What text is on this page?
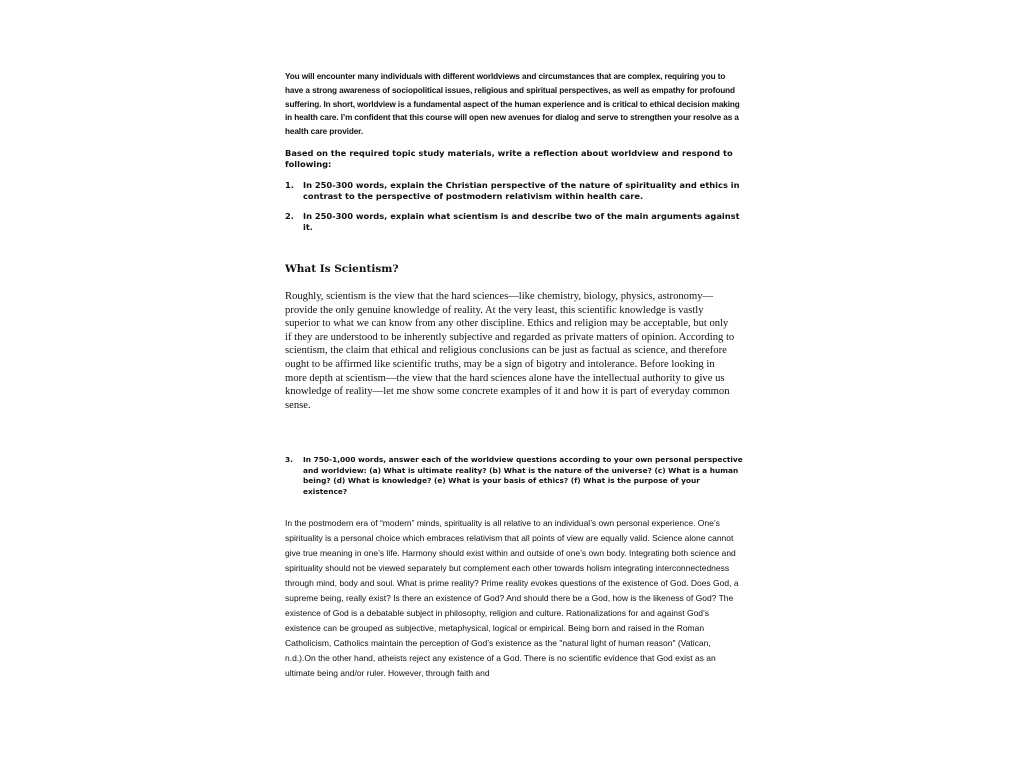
You will encounter many individuals with different worldviews and circumstances that are complex, requiring you to have a strong awareness of sociopolitical issues, religious and spiritual perspectives, as well as empathy for profound suffering. In short, worldview is a fundamental aspect of the human experience and is critical to ethical decision making in health care. I’m confident that this course will open new avenues for dialog and serve to strengthen your resolve as a health care provider.

Based on the required topic study materials, write a reflection about worldview and respond to following:

1. In 250-300 words, explain the Christian perspective of the nature of spirituality and ethics in contrast to the perspective of postmodern relativism within health care.
2. In 250-300 words, explain what scientism is and describe two of the main arguments against it.
What Is Scientism?

Roughly, scientism is the view that the hard sciences—like chemistry, biology, physics, astronomy—provide the only genuine knowledge of reality. At the very least, this scientific knowledge is vastly superior to what we can know from any other discipline. Ethics and religion may be acceptable, but only if they are understood to be inherently subjective and regarded as private matters of opinion. According to scientism, the claim that ethical and religious conclusions can be just as factual as science, and therefore ought to be affirmed like scientific truths, may be a sign of bigotry and intolerance. Before looking in more depth at scientism—the view that the hard sciences alone have the intellectual authority to give us knowledge of reality—let me show some concrete examples of it and how it is part of everyday common sense.

3. In 750-1,000 words, answer each of the worldview questions according to your own personal perspective and worldview: (a) What is ultimate reality? (b) What is the nature of the universe? (c) What is a human being? (d) What is knowledge? (e) What is your basis of ethics? (f) What is the purpose of your existence?

In the postmodern era of “modern” minds, spirituality is all relative to an individual’s own personal experience. One’s spirituality is a personal choice which embraces relativism that all points of view are equally valid. Science alone cannot give true meaning in one’s life. Harmony should exist within and outside of one’s own body. Integrating both science and spirituality should not be viewed separately but complement each other towards holism integrating interconnectedness through mind, body and soul. What is prime reality? Prime reality evokes questions of the existence of God. Does God, a supreme being, really exist? Is there an existence of God? And should there be a God, how is the likeness of God? The existence of God is a debatable subject in philosophy, religion and culture. Rationalizations for and against God’s existence can be grouped as subjective, metaphysical, logical or empirical. Being born and raised in the Roman Catholicism, Catholics maintain the perception of God’s existence as the "natural light of human reason" (Vatican, n.d.).On the other hand, atheists reject any existence of a God. There is no scientific evidence that God exist as an ultimate being and/or ruler. However, through faith and
